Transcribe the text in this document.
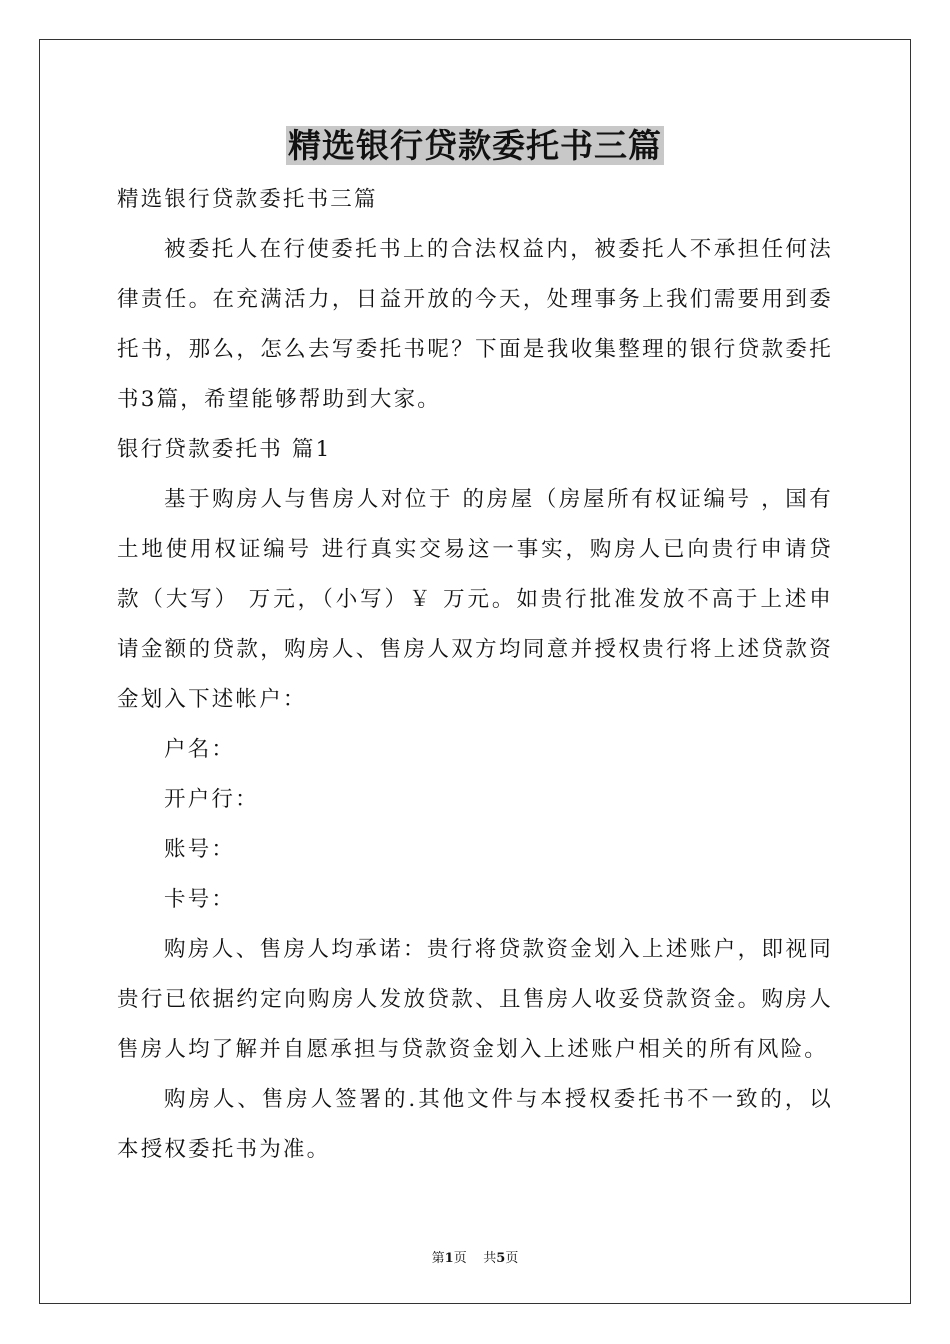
精选银行贷款委托书三篇
精选银行贷款委托书三篇
被委托人在行使委托书上的合法权益内，被委托人不承担任何法
律责任。在充满活力，日益开放的今天，处理事务上我们需要用到委
托书，那么，怎么去写委托书呢？下面是我收集整理的银行贷款委托
书3篇，希望能够帮助到大家。
银行贷款委托书 篇1
基于购房人与售房人对位于 的房屋（房屋所有权证编号 ，国有
土地使用权证编号 进行真实交易这一事实，购房人已向贵行申请贷
款（大写） 万元，（小写）￥ 万元。如贵行批准发放不高于上述申
请金额的贷款，购房人、售房人双方均同意并授权贵行将上述贷款资
金划入下述帐户：
户名：
开户行：
账号：
卡号：
购房人、售房人均承诺：贵行将贷款资金划入上述账户，即视同
贵行已依据约定向购房人发放贷款、且售房人收妥贷款资金。购房人
售房人均了解并自愿承担与贷款资金划入上述账户相关的所有风险。
购房人、售房人签署的.其他文件与本授权委托书不一致的，以
本授权委托书为准。
第1页 共5页
